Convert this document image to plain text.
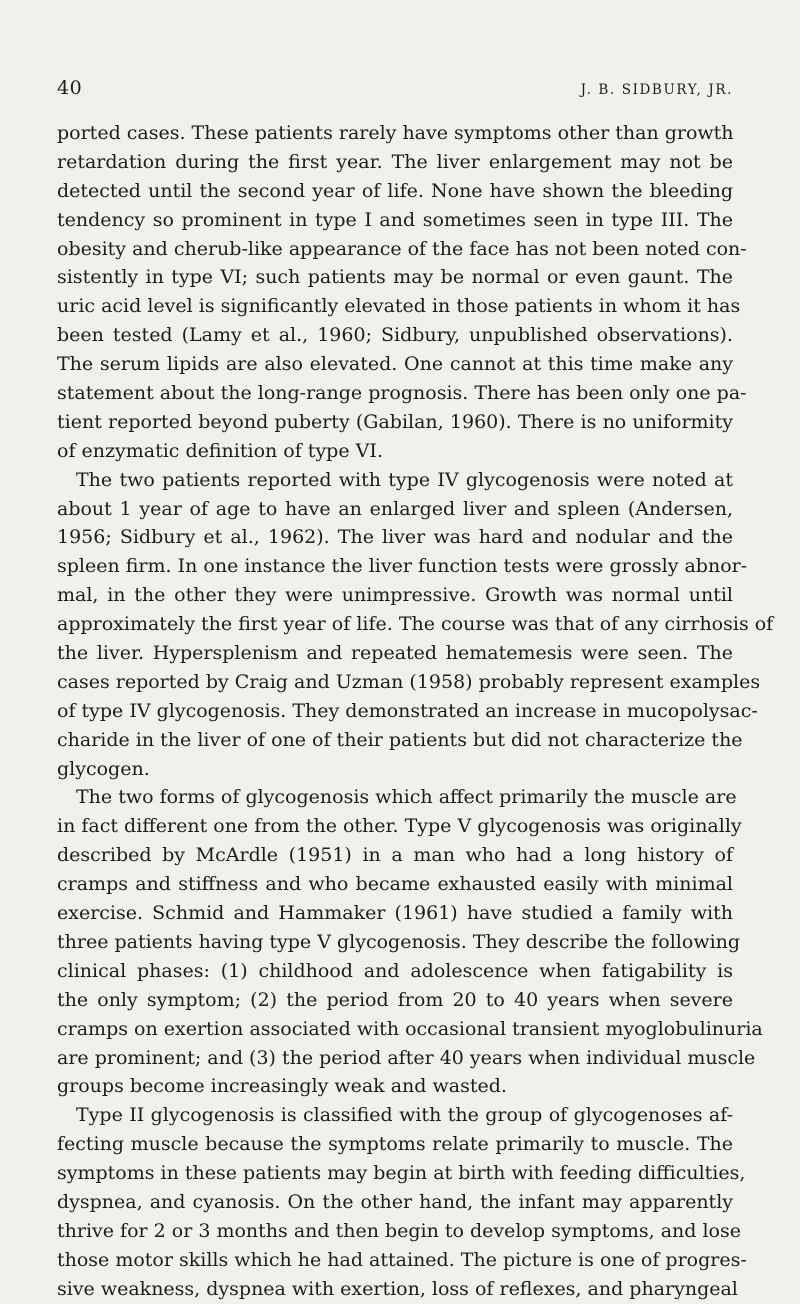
40	J. B. SIDBURY, JR.
ported cases. These patients rarely have symptoms other than growth
retardation during the first year. The liver enlargement may not be
detected until the second year of life. None have shown the bleeding
tendency so prominent in type I and sometimes seen in type III. The
obesity and cherub-like appearance of the face has not been noted con-
sistently in type VI; such patients may be normal or even gaunt. The
uric acid level is significantly elevated in those patients in whom it has
been tested (Lamy et al., 1960; Sidbury, unpublished observations).
The serum lipids are also elevated. One cannot at this time make any
statement about the long-range prognosis. There has been only one pa-
tient reported beyond puberty (Gabilan, 1960). There is no uniformity
of enzymatic definition of type VI.
The two patients reported with type IV glycogenosis were noted at
about 1 year of age to have an enlarged liver and spleen (Andersen,
1956; Sidbury et al., 1962). The liver was hard and nodular and the
spleen firm. In one instance the liver function tests were grossly abnor-
mal, in the other they were unimpressive. Growth was normal until
approximately the first year of life. The course was that of any cirrhosis of
the liver. Hypersplenism and repeated hematemesis were seen. The
cases reported by Craig and Uzman (1958) probably represent examples
of type IV glycogenosis. They demonstrated an increase in mucopolysac-
charide in the liver of one of their patients but did not characterize the
glycogen.
The two forms of glycogenosis which affect primarily the muscle are
in fact different one from the other. Type V glycogenosis was originally
described by McArdle (1951) in a man who had a long history of
cramps and stiffness and who became exhausted easily with minimal
exercise. Schmid and Hammaker (1961) have studied a family with
three patients having type V glycogenosis. They describe the following
clinical phases: (1) childhood and adolescence when fatigability is
the only symptom; (2) the period from 20 to 40 years when severe
cramps on exertion associated with occasional transient myoglobulinuria
are prominent; and (3) the period after 40 years when individual muscle
groups become increasingly weak and wasted.
Type II glycogenosis is classified with the group of glycogenoses af-
fecting muscle because the symptoms relate primarily to muscle. The
symptoms in these patients may begin at birth with feeding difficulties,
dyspnea, and cyanosis. On the other hand, the infant may apparently
thrive for 2 or 3 months and then begin to develop symptoms, and lose
those motor skills which he had attained. The picture is one of progres-
sive weakness, dyspnea with exertion, loss of reflexes, and pharyngeal
